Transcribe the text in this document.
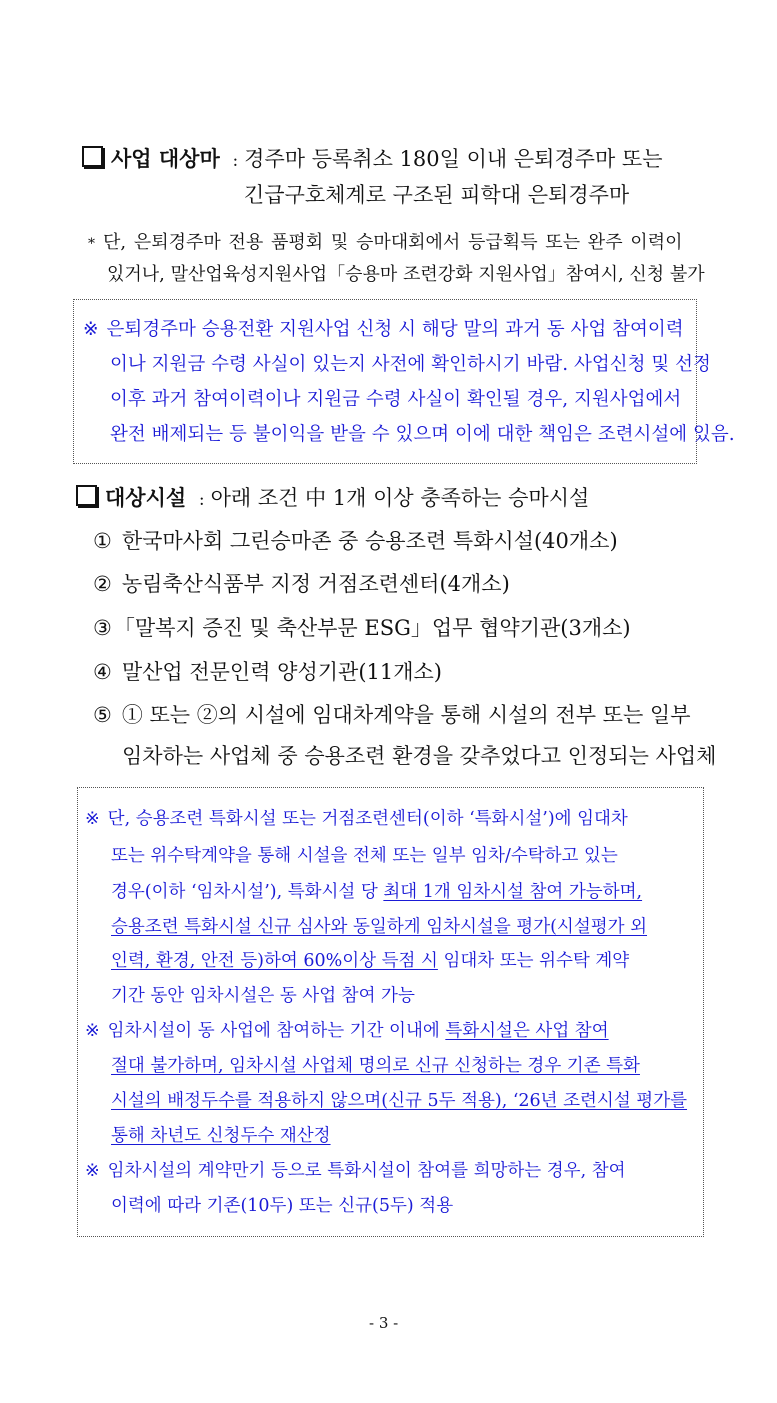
사업 대상마 : 경주마 등록취소 180일 이내 은퇴경주마 또는
긴급구호체계로 구조된 피학대 은퇴경주마
* 단, 은퇴경주마 전용 품평회 및 승마대회에서 등급획득 또는 완주 이력이
있거나, 말산업육성지원사업「승용마 조련강화 지원사업」참여시, 신청 불가
※ 은퇴경주마 승용전환 지원사업 신청 시 해당 말의 과거 동 사업 참여이력
이나 지원금 수령 사실이 있는지 사전에 확인하시기 바람. 사업신청 및 선정
이후 과거 참여이력이나 지원금 수령 사실이 확인될 경우, 지원사업에서
완전 배제되는 등 불이익을 받을 수 있으며 이에 대한 책임은 조련시설에 있음.
대상시설 : 아래 조건 中 1개 이상 충족하는 승마시설
① 한국마사회 그린승마존 중 승용조련 특화시설(40개소)
② 농림축산식품부 지정 거점조련센터(4개소)
③「말복지 증진 및 축산부문 ESG」업무 협약기관(3개소)
④ 말산업 전문인력 양성기관(11개소)
⑤ ① 또는 ②의 시설에 임대차계약을 통해 시설의 전부 또는 일부
임차하는 사업체 중 승용조련 환경을 갖추었다고 인정되는 사업체
※ 단, 승용조련 특화시설 또는 거점조련센터(이하 ‘특화시설’)에 임대차
또는 위수탁계약을 통해 시설을 전체 또는 일부 임차/수탁하고 있는
경우(이하 ‘임차시설’), 특화시설 당 최대 1개 임차시설 참여 가능하며,
승용조련 특화시설 신규 심사와 동일하게 임차시설을 평가(시설평가 외
인력, 환경, 안전 등)하여 60%이상 득점 시 임대차 또는 위수탁 계약
기간 동안 임차시설은 동 사업 참여 가능
※ 임차시설이 동 사업에 참여하는 기간 이내에 특화시설은 사업 참여
절대 불가하며, 임차시설 사업체 명의로 신규 신청하는 경우 기존 특화
시설의 배정두수를 적용하지 않으며(신규 5두 적용), ‘26년 조련시설 평가를
통해 차년도 신청두수 재산정
※ 임차시설의 계약만기 등으로 특화시설이 참여를 희망하는 경우, 참여
이력에 따라 기존(10두) 또는 신규(5두) 적용
- 3 -
